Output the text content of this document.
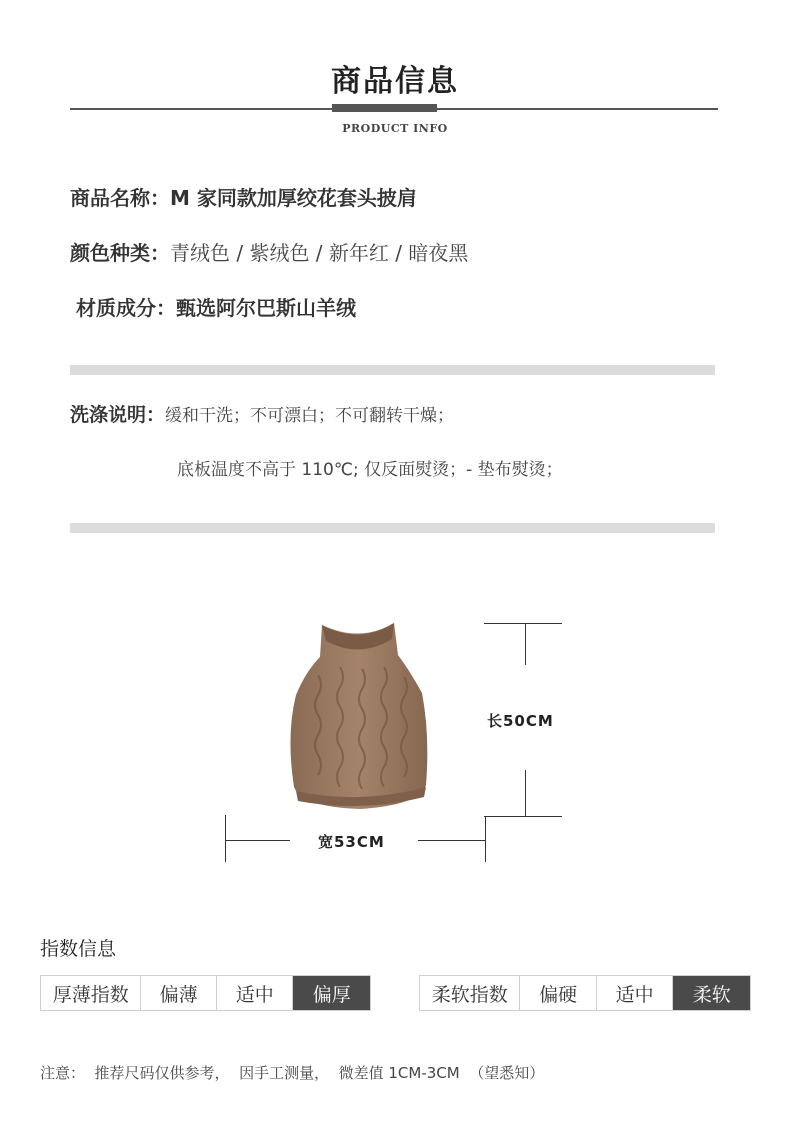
商品信息
PRODUCT INFO
商品名称：M 家同款加厚绞花套头披肩
颜色种类：青绒色 / 紫绒色 / 新年红 / 暗夜黑
材质成分：甄选阿尔巴斯山羊绒
洗涤说明：缓和干洗；不可漂白；不可翻转干燥；
底板温度不高于 110℃; 仅反面熨烫；- 垫布熨烫；
长50CM
宽53CM
指数信息
厚薄指数	偏薄	适中	偏厚	柔软指数	偏硬	适中	柔软
注意：  推荐尺码仅供参考，  因手工测量，  微差值 1CM-3CM  （望悉知）
